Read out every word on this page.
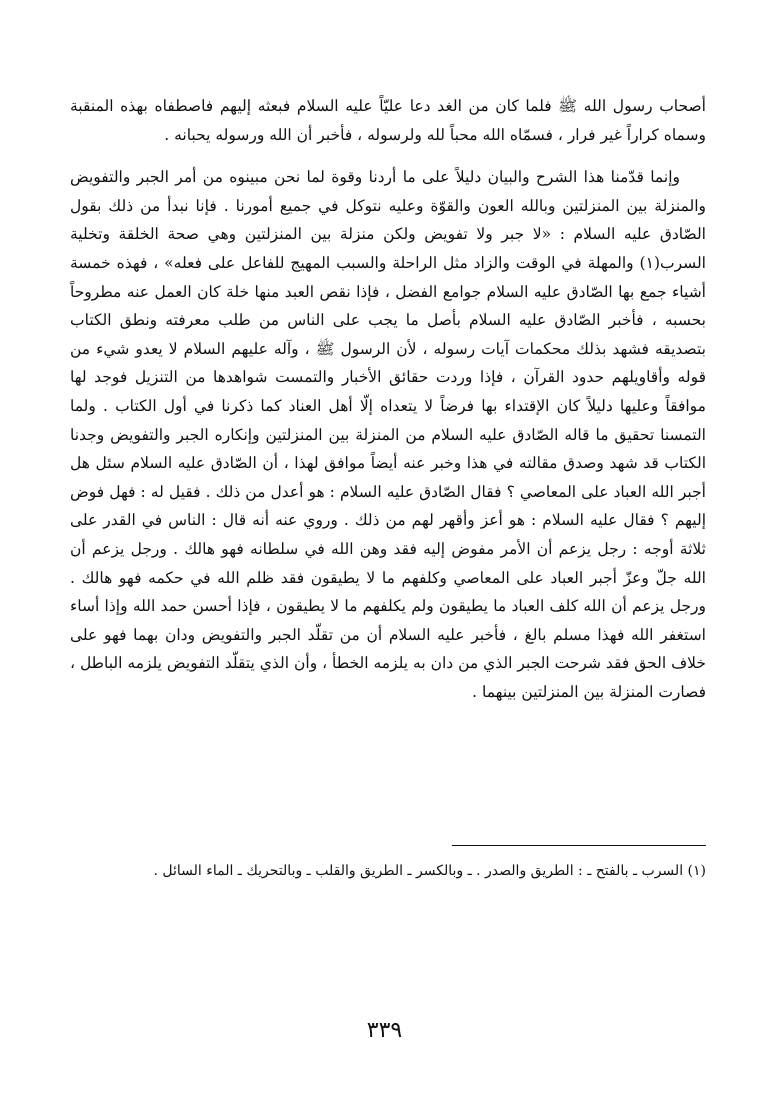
أصحاب رسول الله ﷺ فلما كان من الغد دعا عليّاً عليه السلام فبعثه إليهم فاصطفاه بهذه المنقبة وسماه كراراً غير فرار ، فسمّاه الله محباً لله ولرسوله ، فأخبر أن الله ورسوله يحبانه .

وإنما قدّمنا هذا الشرح والبيان دليلاً على ما أردنا وقوة لما نحن مبينوه من أمر الجبر والتفويض والمنزلة بين المنزلتين وبالله العون والقوّة وعليه نتوكل في جميع أمورنا . فإنا نبدأ من ذلك بقول الصّادق عليه السلام : «لا جبر ولا تفويض ولكن منزلة بين المنزلتين وهي صحة الخلقة وتخلية السرب(١) والمهلة في الوقت والزاد مثل الراحلة والسبب المهيج للفاعل على فعله» ، فهذه خمسة أشياء جمع بها الصّادق عليه السلام جوامع الفضل ، فإذا نقص العبد منها خلة كان العمل عنه مطروحاً بحسبه ، فأخبر الصّادق عليه السلام بأصل ما يجب على الناس من طلب معرفته ونطق الكتاب بتصديقه فشهد بذلك محكمات آيات رسوله ، لأن الرسول ﷺ ، وآله عليهم السلام لا يعدو شيء من قوله وأقاويلهم حدود القرآن ، فإذا وردت حقائق الأخبار والتمست شواهدها من التنزيل فوجد لها موافقاً وعليها دليلاً كان الإقتداء بها فرضاً لا يتعداه إلّا أهل العناد كما ذكرنا في أول الكتاب . ولما التمسنا تحقيق ما قاله الصّادق عليه السلام من المنزلة بين المنزلتين وإنكاره الجبر والتفويض وجدنا الكتاب قد شهد وصدق مقالته في هذا وخبر عنه أيضاً موافق لهذا ، أن الصّادق عليه السلام سئل هل أجبر الله العباد على المعاصي ؟ فقال الصّادق عليه السلام : هو أعدل من ذلك . فقيل له : فهل فوض إليهم ؟ فقال عليه السلام : هو أعز وأقهر لهم من ذلك . وروي عنه أنه قال : الناس في القدر على ثلاثة أوجه : رجل يزعم أن الأمر مفوض إليه فقد وهن الله في سلطانه فهو هالك . ورجل يزعم أن الله جلّ وعزّ أجبر العباد على المعاصي وكلفهم ما لا يطيقون فقد ظلم الله في حكمه فهو هالك . ورجل يزعم أن الله كلف العباد ما يطيقون ولم يكلفهم ما لا يطيقون ، فإذا أحسن حمد الله وإذا أساء استغفر الله فهذا مسلم بالغ ، فأخبر عليه السلام أن من تقلّد الجبر والتفويض ودان بهما فهو على خلاف الحق فقد شرحت الجبر الذي من دان به يلزمه الخطأ ، وأن الذي يتقلّد التفويض يلزمه الباطل ، فصارت المنزلة بين المنزلتين بينهما .

(١) السرب ـ بالفتح ـ : الطريق والصدر . ـ وبالكسر ـ الطريق والقلب ـ وبالتحريك ـ الماء السائل .

٣٣٩
